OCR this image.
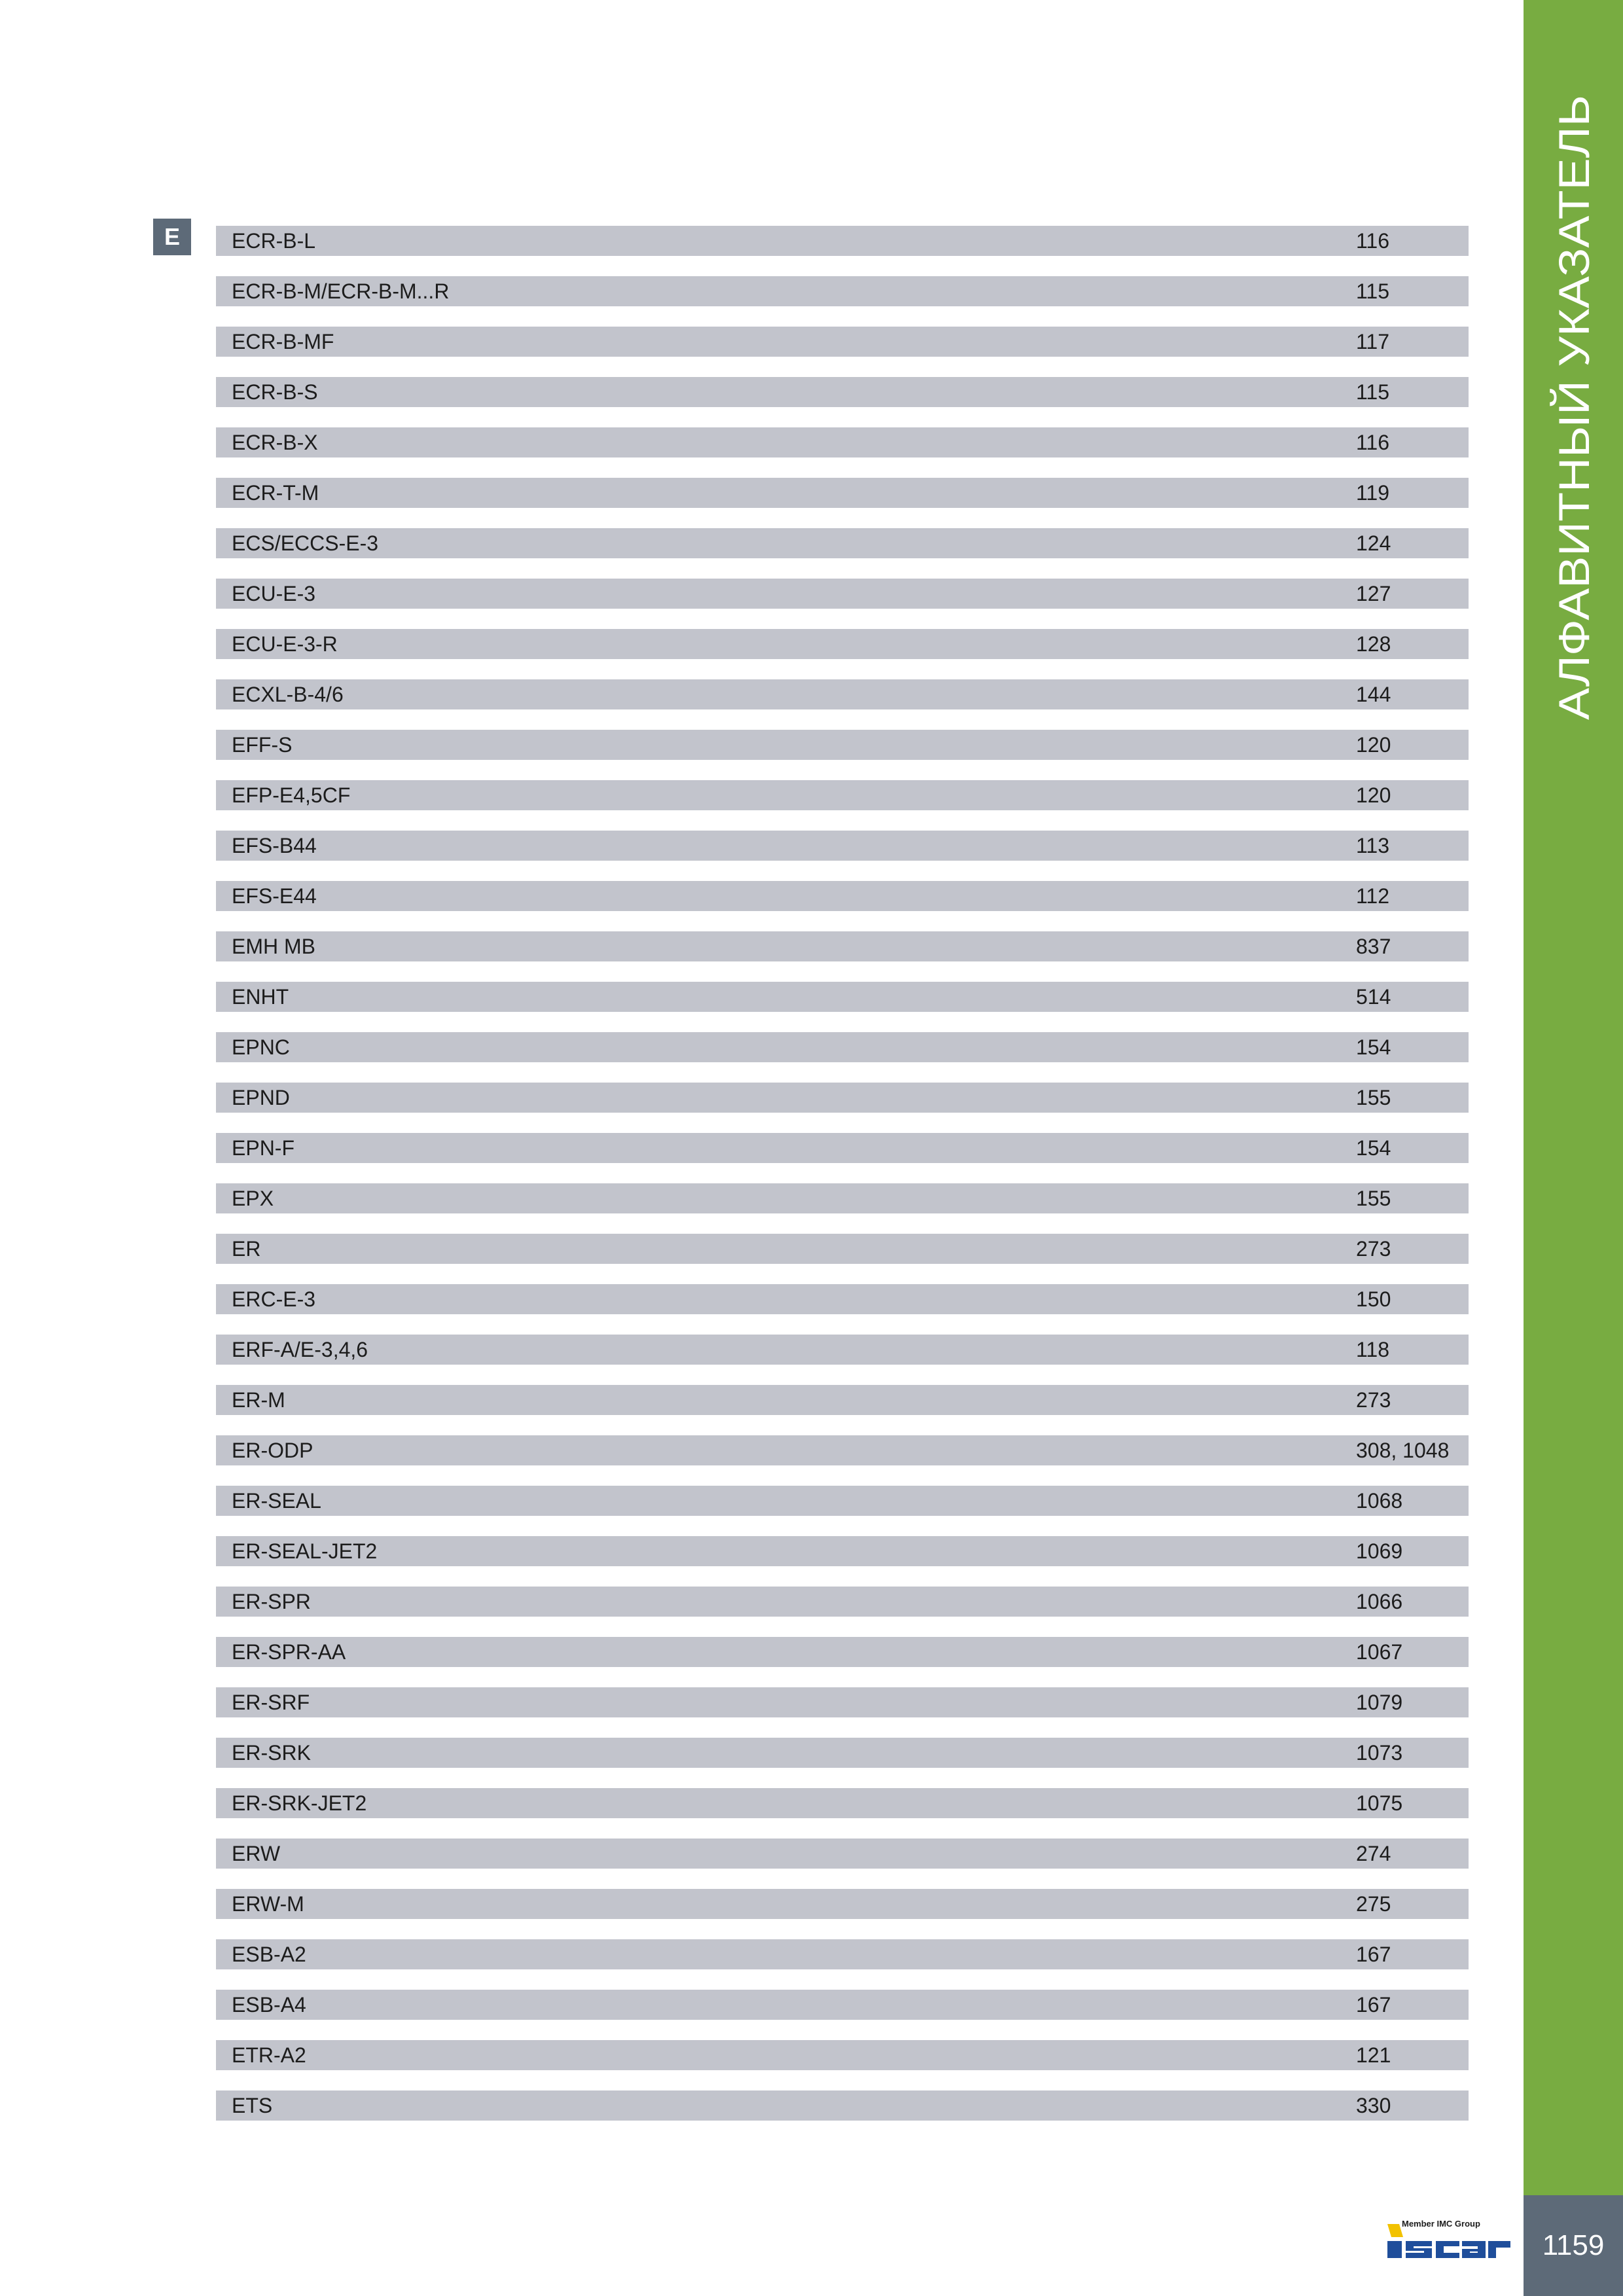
E	ECR-B-L	116
ECR-B-M/ECR-B-M...R	115
ECR-B-MF	117
ECR-B-S	115
ECR-B-X	116
ECR-T-M	119
ECS/ECCS-E-3	124
ECU-E-3	127
ECU-E-3-R	128
ECXL-B-4/6	144
EFF-S	120
EFP-E4,5CF	120
EFS-B44	113
EFS-E44	112
EMH MB	837
ENHT	514
EPNC	154
EPND	155
EPN-F	154
EPX	155
ER	273
ERC-E-3	150
ERF-A/E-3,4,6	118
ER-M	273
ER-ODP	308, 1048
ER-SEAL	1068
ER-SEAL-JET2	1069
ER-SPR	1066
ER-SPR-AA	1067
ER-SRF	1079
ER-SRK	1073
ER-SRK-JET2	1075
ERW	274
ERW-M	275
ESB-A2	167
ESB-A4	167
ETR-A2	121
ETS	330
АЛФАВИТНЫЙ УКАЗАТЕЛЬ
1159
Member IMC Group
